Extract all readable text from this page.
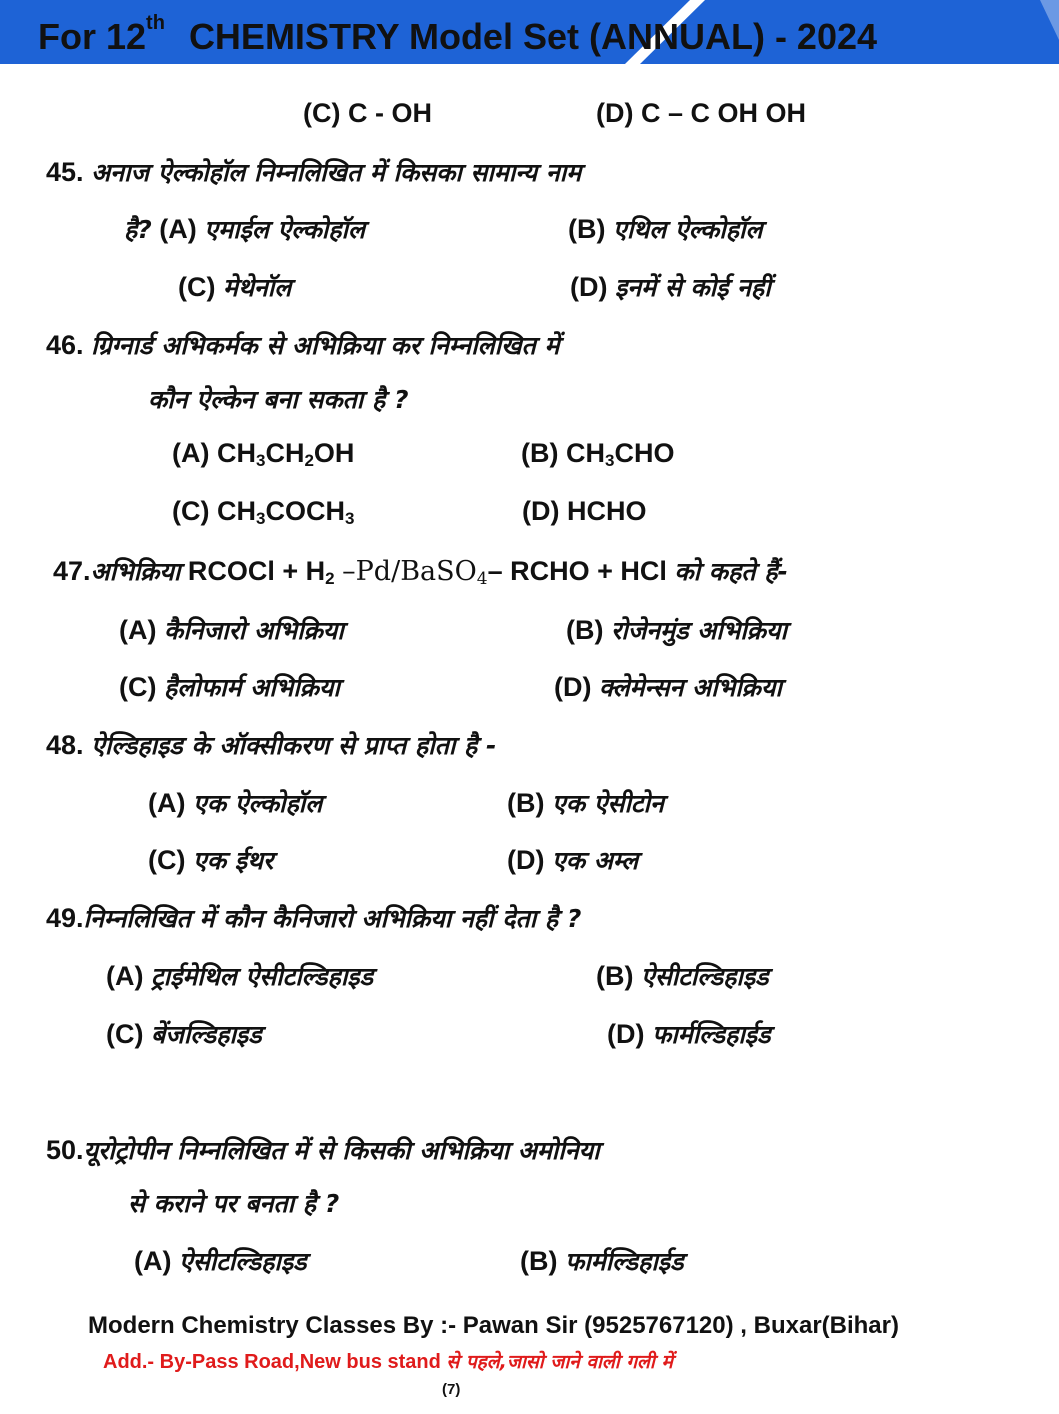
For 12th CHEMISTRY Model Set (ANNUAL) - 2024
(C) C - OH	(D) C – C OH OH
45. अनाज ऐल्कोहॉल निम्नलिखित में किसका सामान्य नाम
है? (A) एमाईल ऐल्कोहॉल	(B) एथिल ऐल्कोहॉल
(C) मेथेनॉल	(D) इनमें से कोई नहीं
46. ग्रिग्नार्ड अभिकर्मक से अभिक्रिया कर निम्नलिखित में
कौन ऐल्केन बना सकता है ?
(A) $CH_3CH_2OH$	(B) $CH_3CHO$
(C) $CH_3COCH_3$	(D) HCHO
47.अभिक्रिया RCOCl + $H_2$ –Pd/BaSO$_4$– RCHO + HCl को कहते हैं-
(A) कैनिजारो अभिक्रिया	(B) रोजेनमुंड अभिक्रिया
(C) हैलोफार्म अभिक्रिया	(D) क्लेमेन्सन अभिक्रिया
48. ऐल्डिहाइड के ऑक्सीकरण से प्राप्त होता है -
(A) एक ऐल्कोहॉल	(B) एक ऐसीटोन
(C) एक ईथर	(D) एक अम्ल
49.निम्नलिखित में कौन कैनिजारो अभिक्रिया नहीं देता है ?
(A) ट्राईमेथिल ऐसीटल्डिहाइड	(B) ऐसीटल्डिहाइड
(C) बेंजल्डिहाइड	(D) फार्मल्डिहाईड
50.यूरोट्रोपीन निम्नलिखित में से किसकी अभिक्रिया अमोनिया
से कराने पर बनता है ?
(A) ऐसीटल्डिहाइड	(B) फार्मल्डिहाईड
Modern Chemistry Classes By :- Pawan Sir (9525767120) , Buxar(Bihar)
Add.- By-Pass Road,New bus stand से पहले,जासो जाने वाली गली में
(7)
